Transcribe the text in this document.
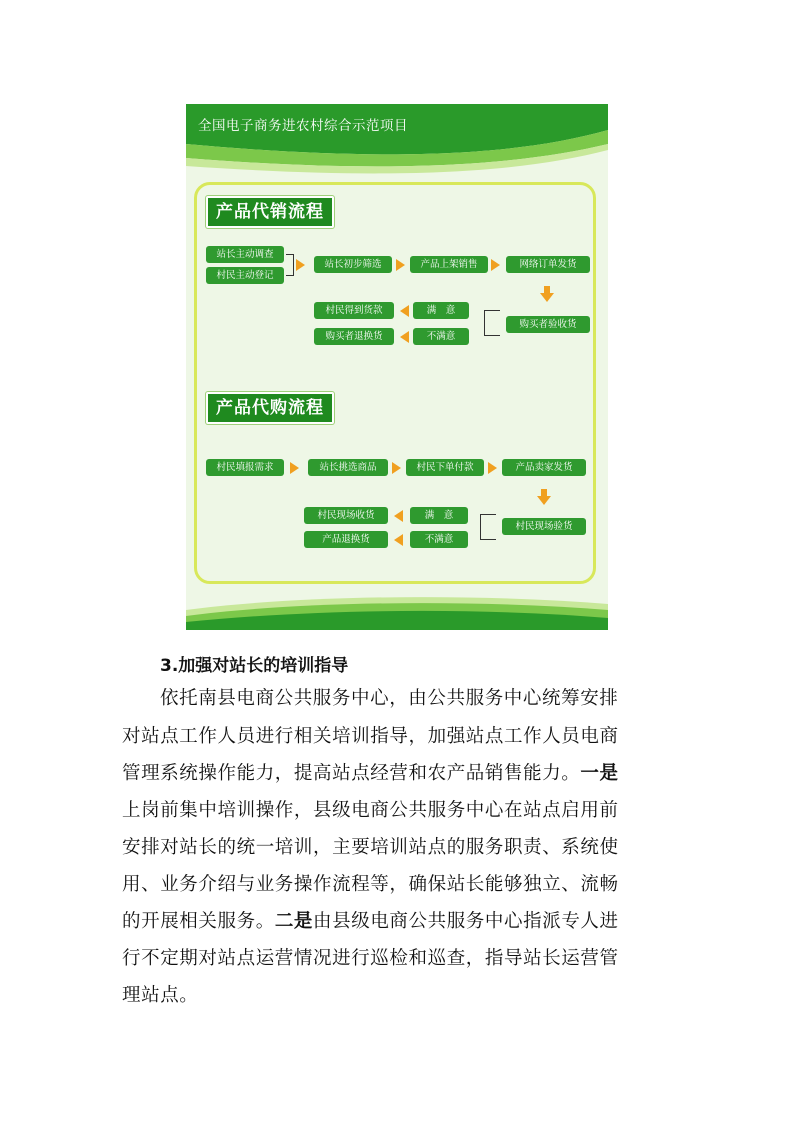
全国电子商务进农村综合示范项目
产品代销流程
站长主动调查
村民主动登记
站长初步筛选	产品上架销售	网络订单发货
购买者验收货
满　意
不满意
村民得到货款
购买者退换货
产品代购流程
村民填报需求	站长挑选商品	村民下单付款	产品卖家发货
村民现场验货
满　意
不满意
村民现场收货
产品退换货
3.加强对站长的培训指导
依托南县电商公共服务中心，由公共服务中心统筹安排
对站点工作人员进行相关培训指导，加强站点工作人员电商
管理系统操作能力，提高站点经营和农产品销售能力。一是
上岗前集中培训操作，县级电商公共服务中心在站点启用前
安排对站长的统一培训，主要培训站点的服务职责、系统使
用、业务介绍与业务操作流程等，确保站长能够独立、流畅
的开展相关服务。二是由县级电商公共服务中心指派专人进
行不定期对站点运营情况进行巡检和巡查，指导站长运营管
理站点。
